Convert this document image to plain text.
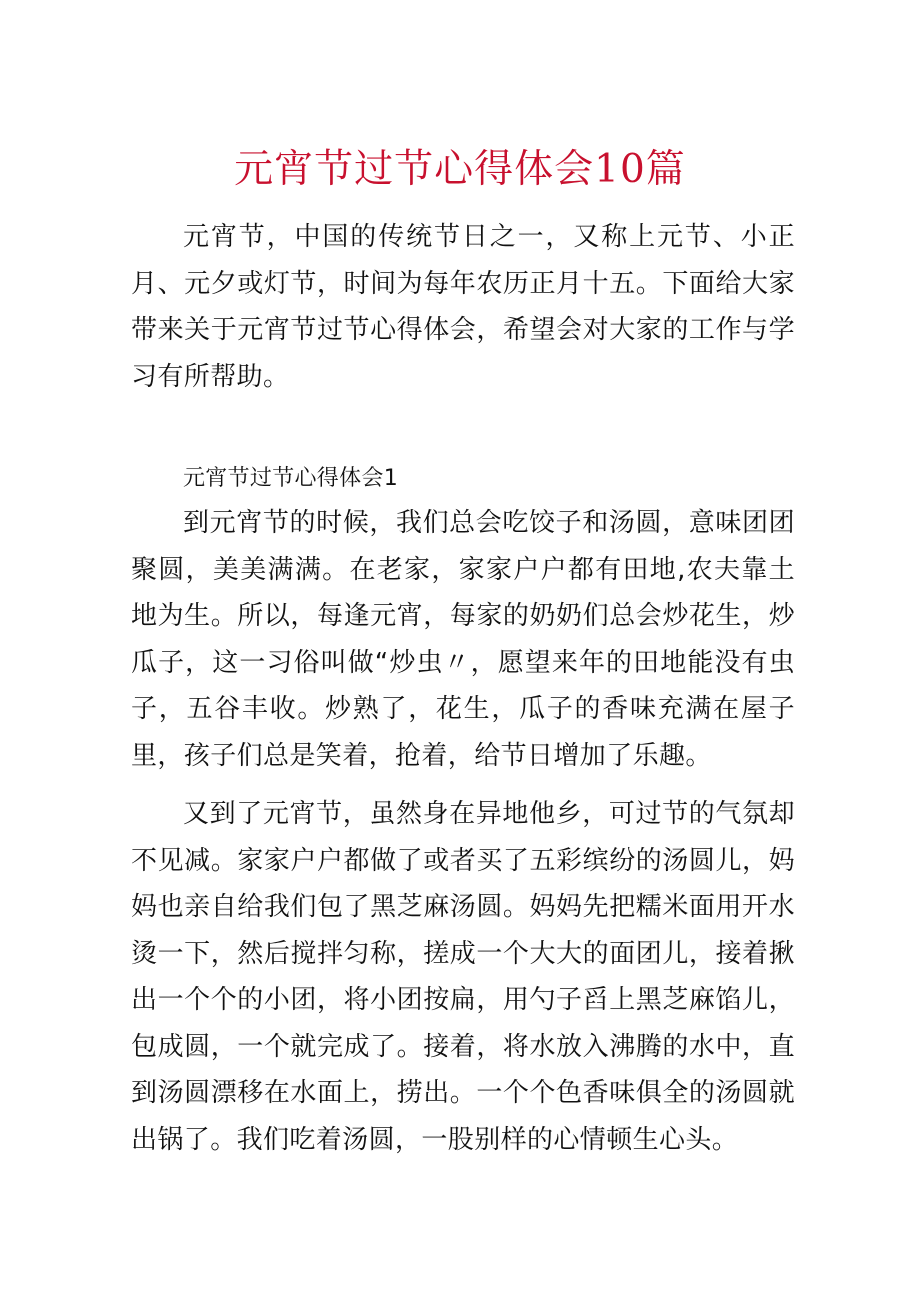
元宵节过节心得体会10篇

元宵节，中国的传统节日之一，又称上元节、小正月、元夕或灯节，时间为每年农历正月十五。下面给大家带来关于元宵节过节心得体会，希望会对大家的工作与学习有所帮助。

元宵节过节心得体会1

到元宵节的时候，我们总会吃饺子和汤圆，意味团团聚圆，美美满满。在老家，家家户户都有田地,农夫靠土地为生。所以，每逢元宵，每家的奶奶们总会炒花生，炒瓜子，这一习俗叫做“炒虫〃，愿望来年的田地能没有虫子，五谷丰收。炒熟了，花生，瓜子的香味充满在屋子里，孩子们总是笑着，抢着，给节日增加了乐趣。

又到了元宵节，虽然身在异地他乡，可过节的气氛却不见减。家家户户都做了或者买了五彩缤纷的汤圆儿，妈妈也亲自给我们包了黑芝麻汤圆。妈妈先把糯米面用开水烫一下，然后搅拌匀称，搓成一个大大的面团儿，接着揪出一个个的小团，将小团按扁，用勺子舀上黑芝麻馅儿，包成圆，一个就完成了。接着，将水放入沸腾的水中，直到汤圆漂移在水面上，捞出。一个个色香味俱全的汤圆就出锅了。我们吃着汤圆，一股别样的心情顿生心头。
